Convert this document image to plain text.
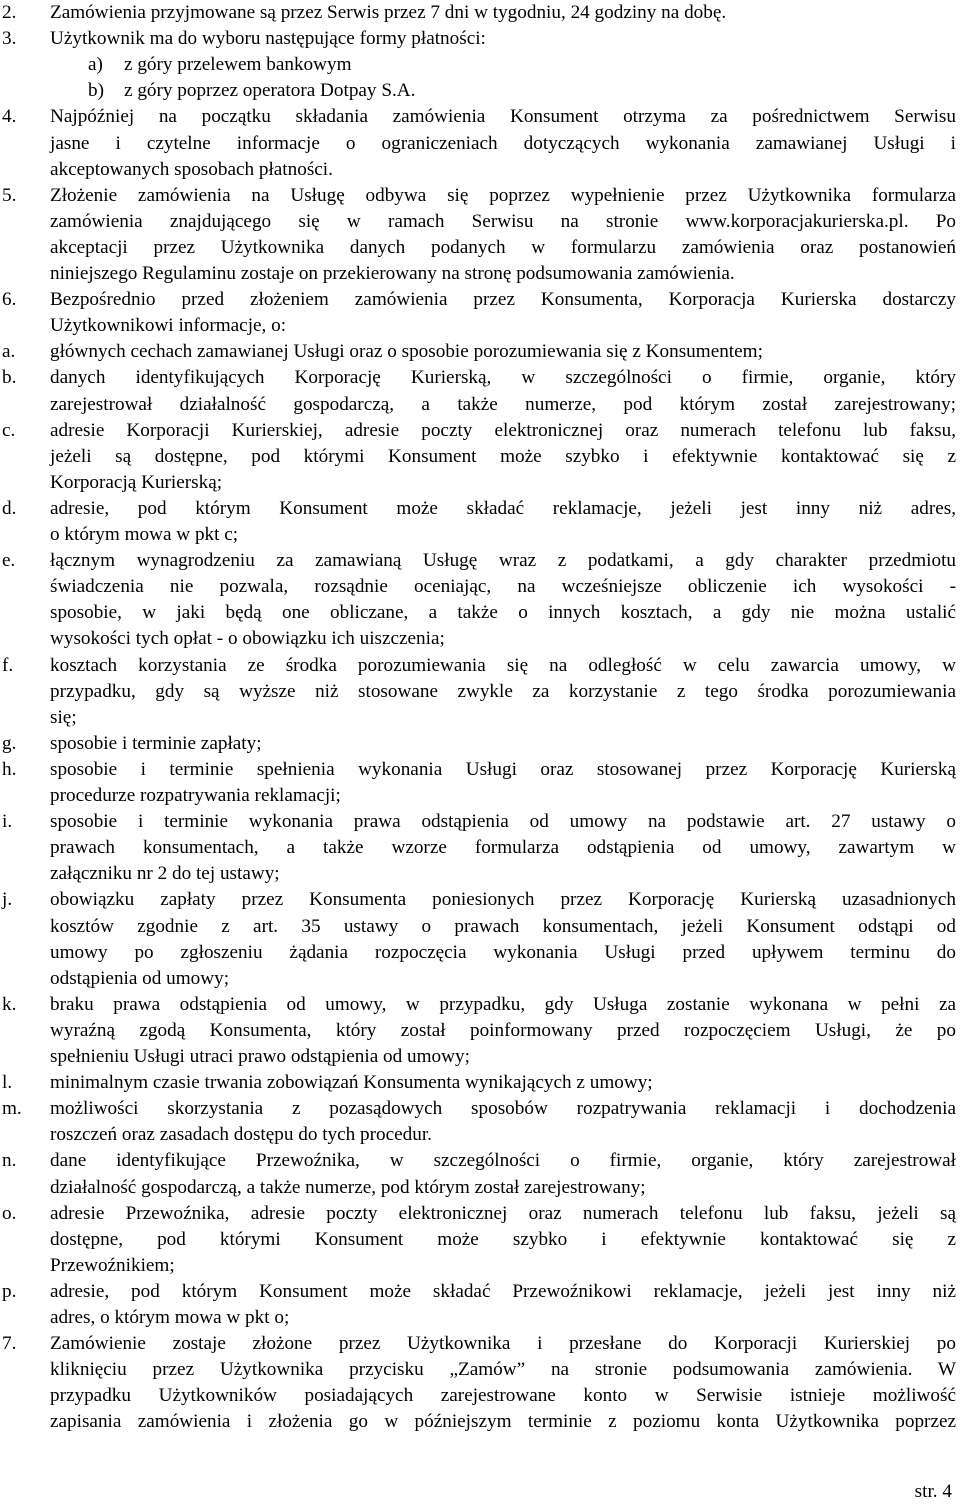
2. Zamówienia przyjmowane są przez Serwis przez 7 dni w tygodniu, 24 godziny na dobę.
3. Użytkownik ma do wyboru następujące formy płatności:
a) z góry przelewem bankowym
b) z góry poprzez operatora Dotpay S.A.
4. Najpóźniej na początku składania zamówienia Konsument otrzyma za pośrednictwem Serwisu
jasne i czytelne informacje o ograniczeniach dotyczących wykonania zamawianej Usługi i
akceptowanych sposobach płatności.
5. Złożenie zamówienia na Usługę odbywa się poprzez wypełnienie przez Użytkownika formularza
zamówienia znajdującego się w ramach Serwisu na stronie www.korporacjakurierska.pl. Po
akceptacji przez Użytkownika danych podanych w formularzu zamówienia oraz postanowień
niniejszego Regulaminu zostaje on przekierowany na stronę podsumowania zamówienia.
6. Bezpośrednio przed złożeniem zamówienia przez Konsumenta, Korporacja Kurierska dostarczy
Użytkownikowi informacje, o:
a. głównych cechach zamawianej Usługi oraz o sposobie porozumiewania się z Konsumentem;
b. danych identyfikujących Korporację Kurierską, w szczególności o firmie, organie, który
zarejestrował działalność gospodarczą, a także numerze, pod którym został zarejestrowany;
c. adresie Korporacji Kurierskiej, adresie poczty elektronicznej oraz numerach telefonu lub faksu,
jeżeli są dostępne, pod którymi Konsument może szybko i efektywnie kontaktować się z
Korporacją Kurierską;
d. adresie, pod którym Konsument może składać reklamacje, jeżeli jest inny niż adres,
o którym mowa w pkt c;
e. łącznym wynagrodzeniu za zamawianą Usługę wraz z podatkami, a gdy charakter przedmiotu
świadczenia nie pozwala, rozsądnie oceniając, na wcześniejsze obliczenie ich wysokości -
sposobie, w jaki będą one obliczane, a także o innych kosztach, a gdy nie można ustalić
wysokości tych opłat - o obowiązku ich uiszczenia;
f. kosztach korzystania ze środka porozumiewania się na odległość w celu zawarcia umowy, w
przypadku, gdy są wyższe niż stosowane zwykle za korzystanie z tego środka porozumiewania
się;
g. sposobie i terminie zapłaty;
h. sposobie i terminie spełnienia wykonania Usługi oraz stosowanej przez Korporację Kurierską
procedurze rozpatrywania reklamacji;
i. sposobie i terminie wykonania prawa odstąpienia od umowy na podstawie art. 27 ustawy o
prawach konsumentach, a także wzorze formularza odstąpienia od umowy, zawartym w
załączniku nr 2 do tej ustawy;
j. obowiązku zapłaty przez Konsumenta poniesionych przez Korporację Kurierską uzasadnionych
kosztów zgodnie z art. 35 ustawy o prawach konsumentach, jeżeli Konsument odstąpi od
umowy po zgłoszeniu żądania rozpoczęcia wykonania Usługi przed upływem terminu do
odstąpienia od umowy;
k. braku prawa odstąpienia od umowy, w przypadku, gdy Usługa zostanie wykonana w pełni za
wyraźną zgodą Konsumenta, który został poinformowany przed rozpoczęciem Usługi, że po
spełnieniu Usługi utraci prawo odstąpienia od umowy;
l. minimalnym czasie trwania zobowiązań Konsumenta wynikających z umowy;
m. możliwości skorzystania z pozasądowych sposobów rozpatrywania reklamacji i dochodzenia
roszczeń oraz zasadach dostępu do tych procedur.
n. dane identyfikujące Przewoźnika, w szczególności o firmie, organie, który zarejestrował
działalność gospodarczą, a także numerze, pod którym został zarejestrowany;
o. adresie Przewoźnika, adresie poczty elektronicznej oraz numerach telefonu lub faksu, jeżeli są
dostępne, pod którymi Konsument może szybko i efektywnie kontaktować się z
Przewoźnikiem;
p. adresie, pod którym Konsument może składać Przewoźnikowi reklamacje, jeżeli jest inny niż
adres, o którym mowa w pkt o;
7. Zamówienie zostaje złożone przez Użytkownika i przesłane do Korporacji Kurierskiej po
kliknięciu przez Użytkownika przycisku „Zamów” na stronie podsumowania zamówienia. W
przypadku Użytkowników posiadających zarejestrowane konto w Serwisie istnieje możliwość
zapisania zamówienia i złożenia go w późniejszym terminie z poziomu konta Użytkownika poprzez
str. 4
